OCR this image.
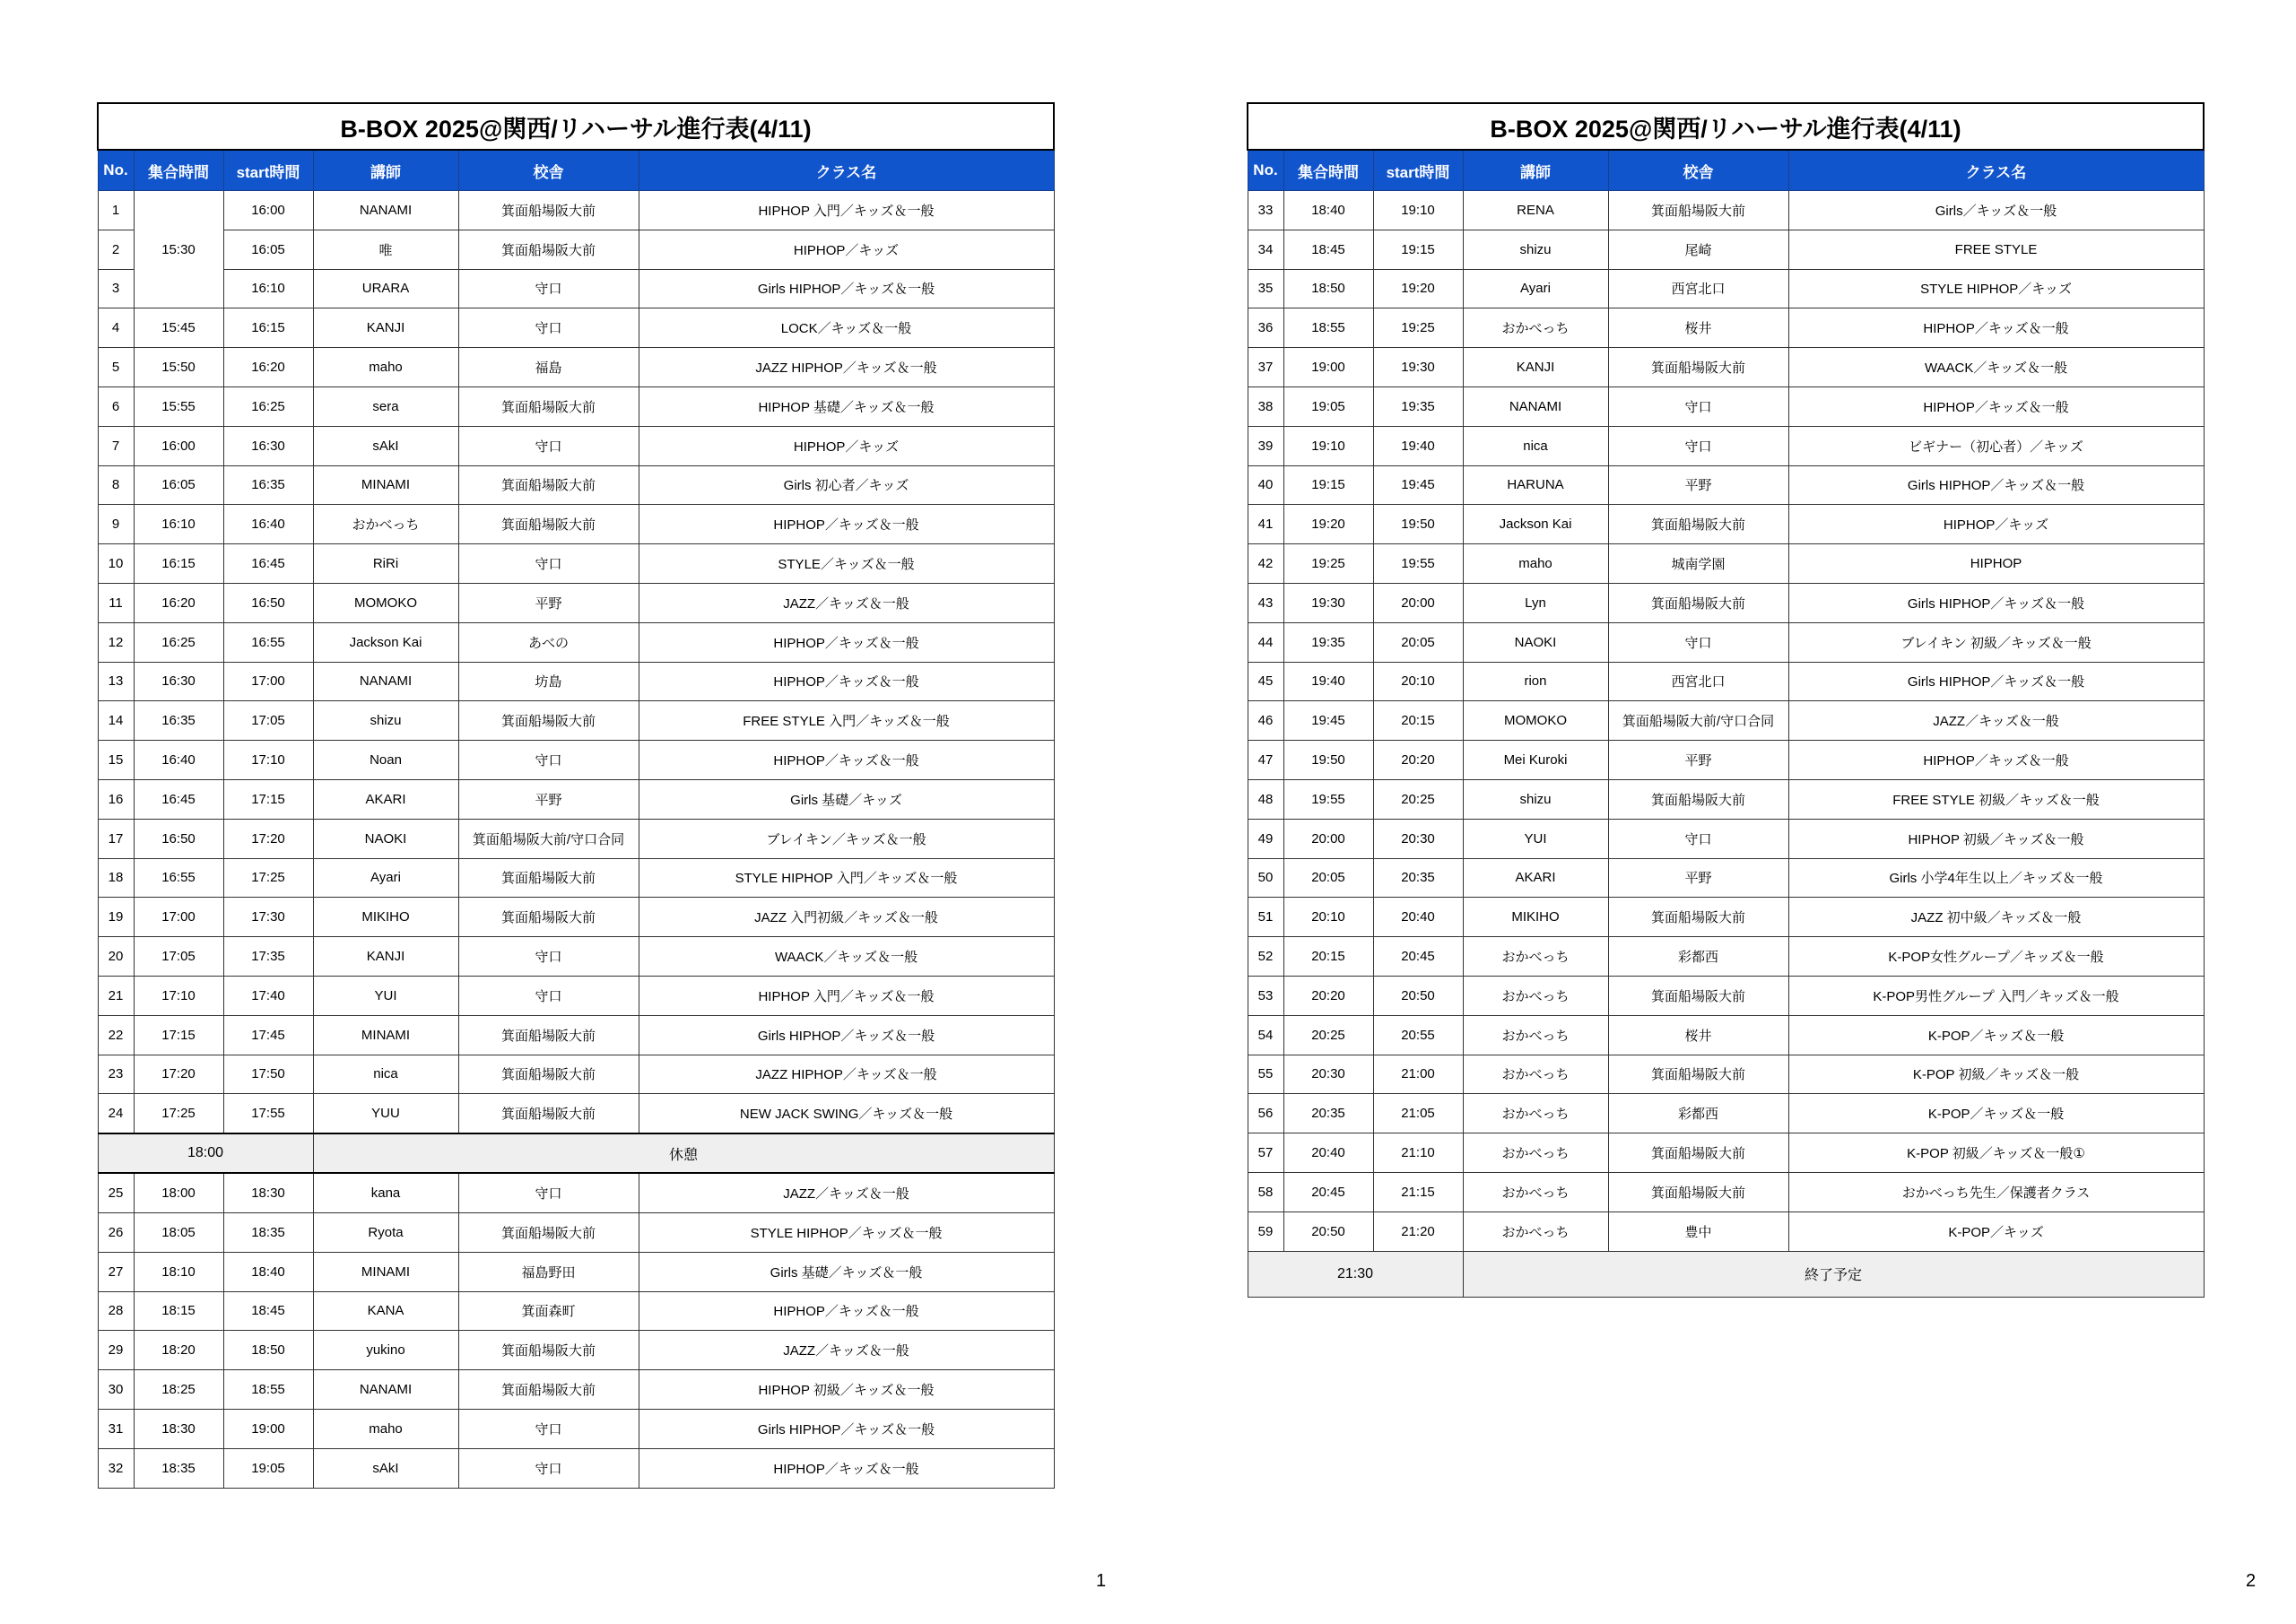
B-BOX 2025@関西/リハーサル進行表(4/11)					
No.	集合時間	start時間	講師	校舎	クラス名
1	15:30	16:00	NANAMI	箕面船場阪大前	HIPHOP 入門／キッズ＆一般
2		16:05	唯	箕面船場阪大前	HIPHOP／キッズ
3		16:10	URARA	守口	Girls HIPHOP／キッズ＆一般
4	15:45	16:15	KANJI	守口	LOCK／キッズ＆一般
5	15:50	16:20	maho	福島	JAZZ HIPHOP／キッズ＆一般
6	15:55	16:25	sera	箕面船場阪大前	HIPHOP 基礎／キッズ＆一般
7	16:00	16:30	sAkI	守口	HIPHOP／キッズ
8	16:05	16:35	MINAMI	箕面船場阪大前	Girls 初心者／キッズ
9	16:10	16:40	おかべっち	箕面船場阪大前	HIPHOP／キッズ＆一般
10	16:15	16:45	RiRi	守口	STYLE／キッズ＆一般
11	16:20	16:50	MOMOKO	平野	JAZZ／キッズ＆一般
12	16:25	16:55	Jackson Kai	あべの	HIPHOP／キッズ＆一般
13	16:30	17:00	NANAMI	坊島	HIPHOP／キッズ＆一般
14	16:35	17:05	shizu	箕面船場阪大前	FREE STYLE 入門／キッズ＆一般
15	16:40	17:10	Noan	守口	HIPHOP／キッズ＆一般
16	16:45	17:15	AKARI	平野	Girls 基礎／キッズ
17	16:50	17:20	NAOKI	箕面船場阪大前/守口合同	ブレイキン／キッズ＆一般
18	16:55	17:25	Ayari	箕面船場阪大前	STYLE HIPHOP 入門／キッズ＆一般
19	17:00	17:30	MIKIHO	箕面船場阪大前	JAZZ 入門初級／キッズ＆一般
20	17:05	17:35	KANJI	守口	WAACK／キッズ＆一般
21	17:10	17:40	YUI	守口	HIPHOP 入門／キッズ＆一般
22	17:15	17:45	MINAMI	箕面船場阪大前	Girls HIPHOP／キッズ＆一般
23	17:20	17:50	nica	箕面船場阪大前	JAZZ HIPHOP／キッズ＆一般
24	17:25	17:55	YUU	箕面船場阪大前	NEW JACK SWING／キッズ＆一般
18:00			休憩		
25	18:00	18:30	kana	守口	JAZZ／キッズ＆一般
26	18:05	18:35	Ryota	箕面船場阪大前	STYLE HIPHOP／キッズ＆一般
27	18:10	18:40	MINAMI	福島野田	Girls 基礎／キッズ＆一般
28	18:15	18:45	KANA	箕面森町	HIPHOP／キッズ＆一般
29	18:20	18:50	yukino	箕面船場阪大前	JAZZ／キッズ＆一般
30	18:25	18:55	NANAMI	箕面船場阪大前	HIPHOP 初級／キッズ＆一般
31	18:30	19:00	maho	守口	Girls HIPHOP／キッズ＆一般
32	18:35	19:05	sAkI	守口	HIPHOP／キッズ＆一般
B-BOX 2025@関西/リハーサル進行表(4/11)					
No.	集合時間	start時間	講師	校舎	クラス名
33	18:40	19:10	RENA	箕面船場阪大前	Girls／キッズ＆一般
34	18:45	19:15	shizu	尾崎	FREE STYLE
35	18:50	19:20	Ayari	西宮北口	STYLE HIPHOP／キッズ
36	18:55	19:25	おかべっち	桜井	HIPHOP／キッズ＆一般
37	19:00	19:30	KANJI	箕面船場阪大前	WAACK／キッズ＆一般
38	19:05	19:35	NANAMI	守口	HIPHOP／キッズ＆一般
39	19:10	19:40	nica	守口	ビギナー（初心者）／キッズ
40	19:15	19:45	HARUNA	平野	Girls HIPHOP／キッズ＆一般
41	19:20	19:50	Jackson Kai	箕面船場阪大前	HIPHOP／キッズ
42	19:25	19:55	maho	城南学園	HIPHOP
43	19:30	20:00	Lyn	箕面船場阪大前	Girls HIPHOP／キッズ＆一般
44	19:35	20:05	NAOKI	守口	ブレイキン 初級／キッズ＆一般
45	19:40	20:10	rion	西宮北口	Girls HIPHOP／キッズ＆一般
46	19:45	20:15	MOMOKO	箕面船場阪大前/守口合同	JAZZ／キッズ＆一般
47	19:50	20:20	Mei Kuroki	平野	HIPHOP／キッズ＆一般
48	19:55	20:25	shizu	箕面船場阪大前	FREE STYLE 初級／キッズ＆一般
49	20:00	20:30	YUI	守口	HIPHOP 初級／キッズ＆一般
50	20:05	20:35	AKARI	平野	Girls 小学4年生以上／キッズ＆一般
51	20:10	20:40	MIKIHO	箕面船場阪大前	JAZZ 初中級／キッズ＆一般
52	20:15	20:45	おかべっち	彩都西	K-POP女性グループ／キッズ＆一般
53	20:20	20:50	おかべっち	箕面船場阪大前	K-POP男性グループ 入門／キッズ＆一般
54	20:25	20:55	おかべっち	桜井	K-POP／キッズ＆一般
55	20:30	21:00	おかべっち	箕面船場阪大前	K-POP 初級／キッズ＆一般
56	20:35	21:05	おかべっち	彩都西	K-POP／キッズ＆一般
57	20:40	21:10	おかべっち	箕面船場阪大前	K-POP 初級／キッズ＆一般①
58	20:45	21:15	おかべっち	箕面船場阪大前	おかべっち先生／保護者クラス
59	20:50	21:20	おかべっち	豊中	K-POP／キッズ
21:30			終了予定		
1	2
